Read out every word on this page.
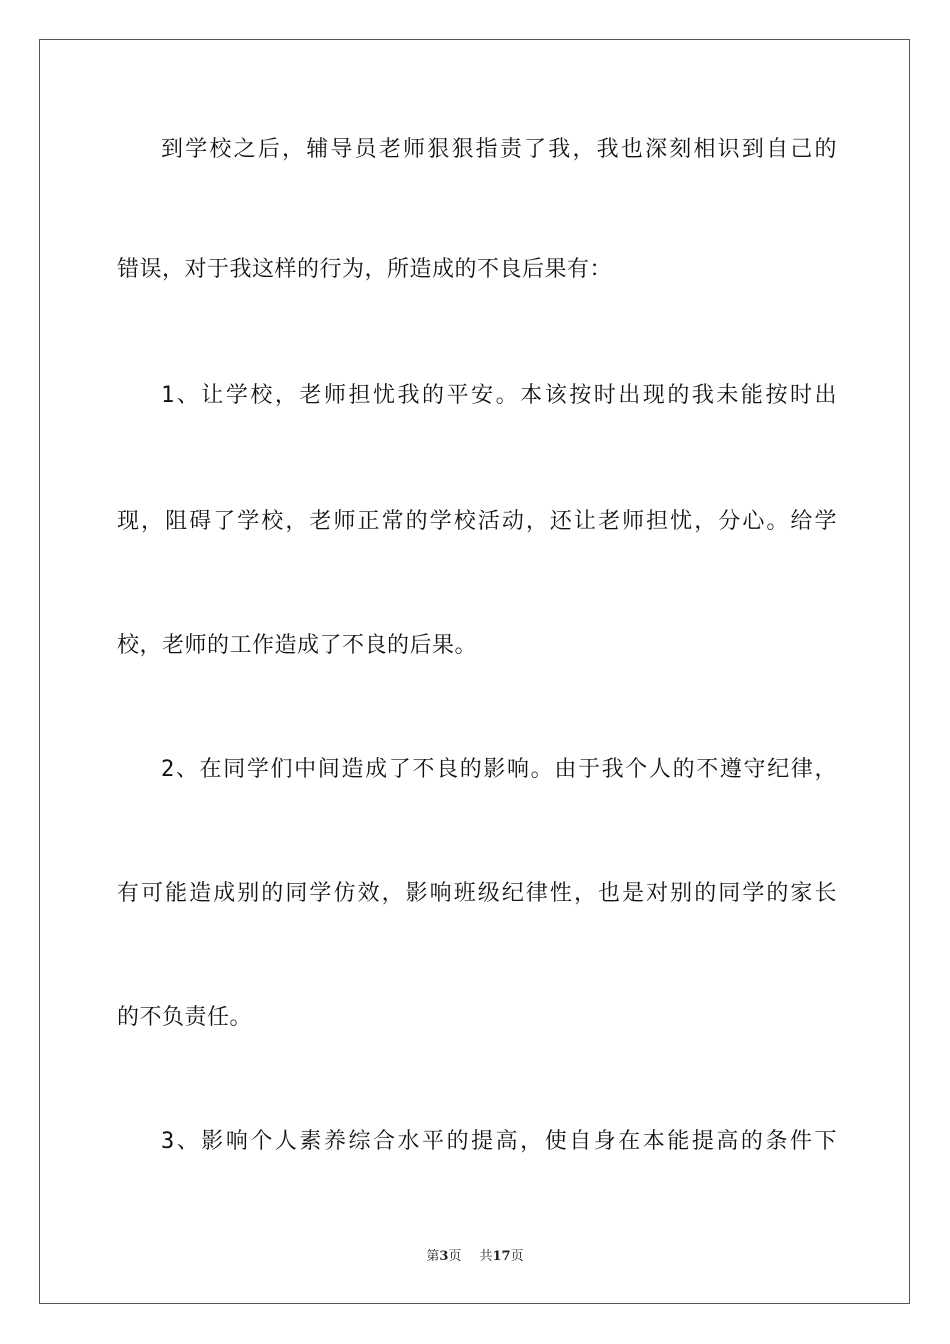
到学校之后，辅导员老师狠狠指责了我，我也深刻相识到自己的
错误，对于我这样的行为，所造成的不良后果有：
1、让学校，老师担忧我的平安。本该按时出现的我未能按时出
现，阻碍了学校，老师正常的学校活动，还让老师担忧，分心。给学
校，老师的工作造成了不良的后果。
2、在同学们中间造成了不良的影响。由于我个人的不遵守纪律，
有可能造成别的同学仿效，影响班级纪律性，也是对别的同学的家长
的不负责任。
3、影响个人素养综合水平的提高，使自身在本能提高的条件下
第3页 共17页
